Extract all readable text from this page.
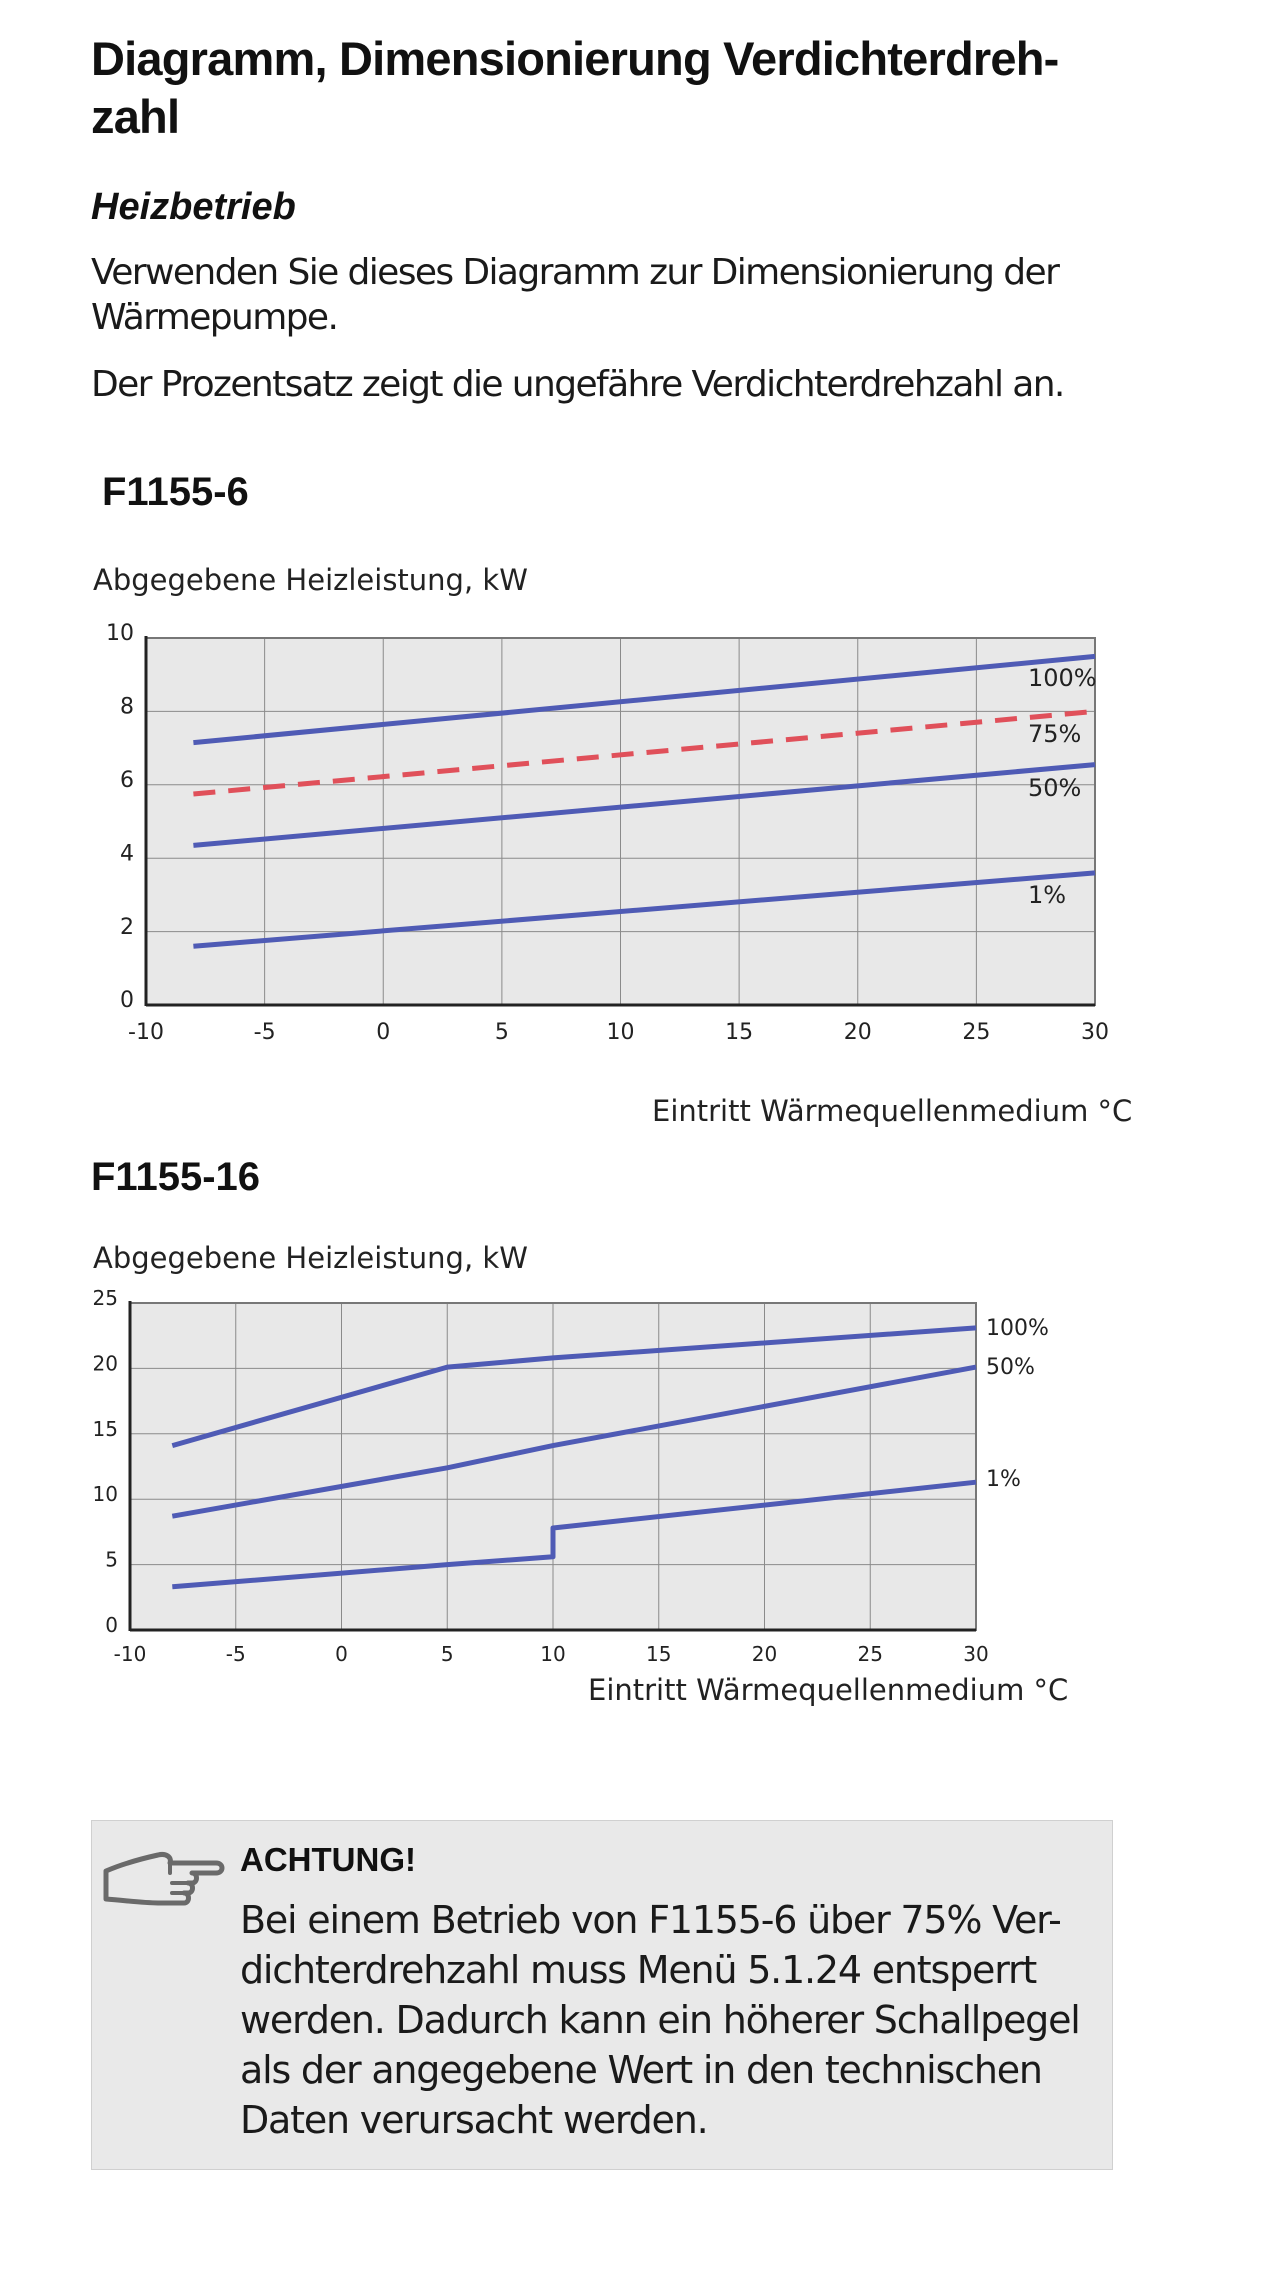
Diagramm, Dimensionierung Verdichterdreh-
zahl
Heizbetrieb

Verwenden Sie dieses Diagramm zur Dimensionierung der Wärmepumpe.

Der Prozentsatz zeigt die ungefähre Verdichterdrehzahl an.

F1155-6
-10	-5	0	5	10	15	20	25	30
0
2
4
6
8
10
Abgegebene Heizleistung, kW
Eintritt Wärmequellenmedium °C
100%
75%
50%
1%
F1155-16
-10	-5	0	5	10	15	20	25	30
0
5
10
15
20
25
Abgegebene Heizleistung, kW
Eintritt Wärmequellenmedium °C
100%
50%
1%

ACHTUNG!

Bei einem Betrieb von F1155-6 über 75% Ver-
dichterdrehzahl muss Menü 5.1.24 entsperrt
werden. Dadurch kann ein höherer Schallpegel
als der angegebene Wert in den technischen
Daten verursacht werden.
